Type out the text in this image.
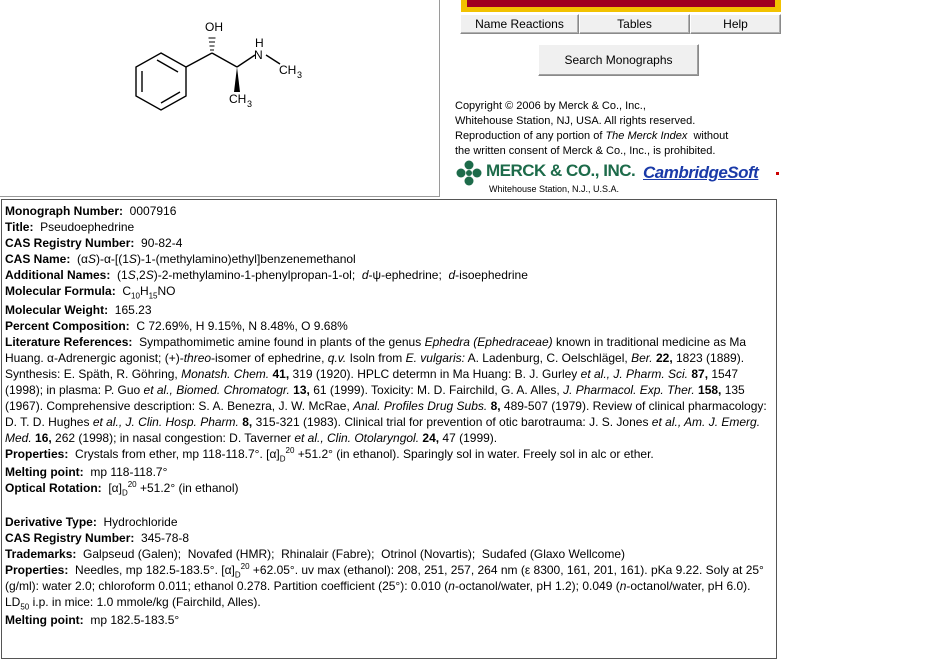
OH
H
N
CH 3
CH 3
Name Reactions	Tables	Help
Search Monographs
Copyright © 2006 by Merck & Co., Inc.,
Whitehouse Station, NJ, USA. All rights reserved.
Reproduction of any portion of The Merck Index  without
the written consent of Merck & Co., Inc., is prohibited.
MERCK & CO., INC.
Whitehouse Station, N.J., U.S.A.
CambridgeSoft
Monograph Number: 0007916
Title: Pseudoephedrine
CAS Registry Number: 90-82-4
CAS Name: (αS)-α-[(1S)-1-(methylamino)ethyl]benzenemethanol
Additional Names: (1S,2S)-2-methylamino-1-phenylpropan-1-ol;  d-ψ-ephedrine;  d-isoephedrine
Molecular Formula: $C_{10}H_{15}NO$
Molecular Weight: 165.23
Percent Composition: C 72.69%, H 9.15%, N 8.48%, O 9.68%
Literature References: Sympathomimetic amine found in plants of the genus Ephedra (Ephedraceae) known in traditional medicine as Ma Huang. α-Adrenergic agonist; (+)-threo-isomer of ephedrine, q.v. Isoln from E. vulgaris: A. Ladenburg, C. Oelschlägel, Ber. 22, 1823 (1889). Synthesis: E. Späth, R. Göhring, Monatsh. Chem. 41, 319 (1920). HPLC determn in Ma Huang: B. J. Gurley et al., J. Pharm. Sci. 87, 1547 (1998); in plasma: P. Guo et al., Biomed. Chromatogr. 13, 61 (1999). Toxicity: M. D. Fairchild, G. A. Alles, J. Pharmacol. Exp. Ther. 158, 135 (1967). Comprehensive description: S. A. Benezra, J. W. McRae, Anal. Profiles Drug Subs. 8, 489-507 (1979). Review of clinical pharmacology: D. T. D. Hughes et al., J. Clin. Hosp. Pharm. 8, 315-321 (1983). Clinical trial for prevention of otic barotrauma: J. S. Jones et al., Am. J. Emerg. Med. 16, 262 (1998); in nasal congestion: D. Taverner et al., Clin. Otolaryngol. 24, 47 (1999).
Properties: Crystals from ether, mp 118-118.7°. $[\alpha]_D^{20} +51.2^\circ$ (in ethanol). Sparingly sol in water. Freely sol in alc or ether.
Melting point: mp 118-118.7°
Optical Rotation: $[\alpha]_D^{20} +51.2^\circ$ (in ethanol)
Derivative Type: Hydrochloride
CAS Registry Number: 345-78-8
Trademarks: Galpseud (Galen);  Novafed (HMR);  Rhinalair (Fabre);  Otrinol (Novartis);  Sudafed (Glaxo Wellcome)
Properties: Needles, mp 182.5-183.5°. $[\alpha]_D^{20} +62.05^\circ$. uv max (ethanol): 208, 251, 257, 264 nm (ε 8300, 161, 201, 161). pKa 9.22. Solу at 25° (g/ml): water 2.0; chloroform 0.011; ethanol 0.278. Partition coefficient (25°): 0.010 (n-octanol/water, pH 1.2); 0.049 (n-octanol/water, pH 6.0). $LD_{50}$ i.p. in mice: 1.0 mmole/kg (Fairchild, Alles).
Melting point: mp 182.5-183.5°
